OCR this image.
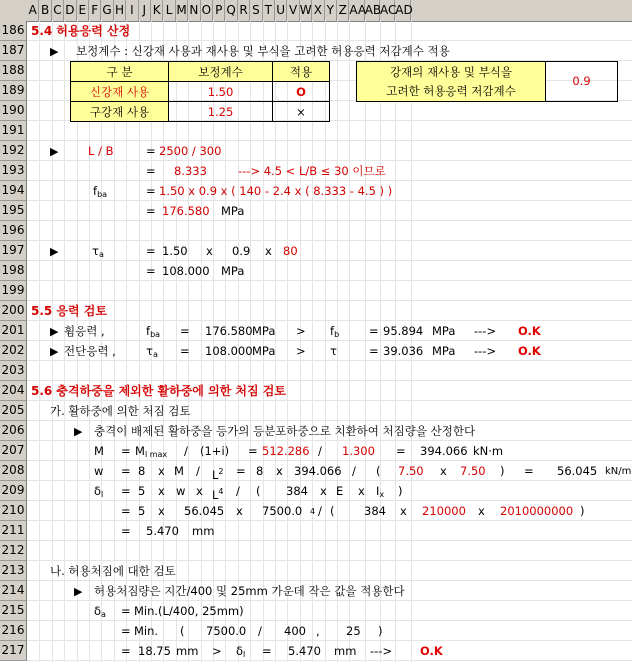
A B C D E F G H I J K L M N O P Q R S T U V W X Y Z AA
AB
AC
AD
186
187
188
189
190
191
192
193
194
195
196
197
198
199
200
201
202
203
204
205
206
207
208
209
210
211
212
213
214
215
216
217
5.4 허용응력 산정
▶ 보정계수 : 신강재 사용과 재사용 및 부식을 고려한 허용응력 저감계수 적용
구 분	보정계수	적용
신강재 사용	1.50	O
구강재 사용	1.25	×
강재의 재사용 및 부식을
고려한 허용응력 저감계수
0.9
▶	L / B	= 2500 / 300
= 8.333	---> 4.5 < L/B ≤ 30 이므로
$f_{ba}$	= 1.50 x 0.9 x ( 140 - 2.4 x ( 8.333 - 4.5 ) )
= 176.580 MPa
▶	$\tau_a$	= 1.50 x 0.9 x 80
= 108.000 MPa
5.5 응력 검토
▶ 휨응력 ,	$f_{ba} = 176.580$ MPa > $f_b$	= 95.894 MPa ---> O.K
▶ 전단응력 ,	$\tau_a = 108.000$ MPa > τ	= 39.036 MPa ---> O.K
5.6 충격하중을 제외한 활하중에 의한 처짐 검토
가. 활하중에 의한 처짐 검토
▶ 충격이 배제된 활하중을 등가의 등분포하중으로 치환하여 처짐량을 산정한다
$M = M_{l max} / (1+i) = 512.286 / 1.300 = 394.066$ kN·m
w = 8 x $M / L^2 = 8$ x 394.066 / ( 7.50 x 7.50 ) = 56.045 kN/m
$\delta_l = 5$ x w x $L^4$ / ( 384 x E x $I_x$ )
= 5 x 56.045 x 7500.0 $^4$ / (	384 x 210000 x 2010000000 )
= 5.470 mm
나. 허용처짐에 대한 검토
▶ 허용처짐량은 지간/400 및 25mm 가운데 작은 값을 적용한다
$\delta_a = Min.(L/400$, 25mm)
= Min. ( 7500.0 / 400 , 25 )
= 18.75 mm > $\delta_l = 5.470$ mm ---> O.K
